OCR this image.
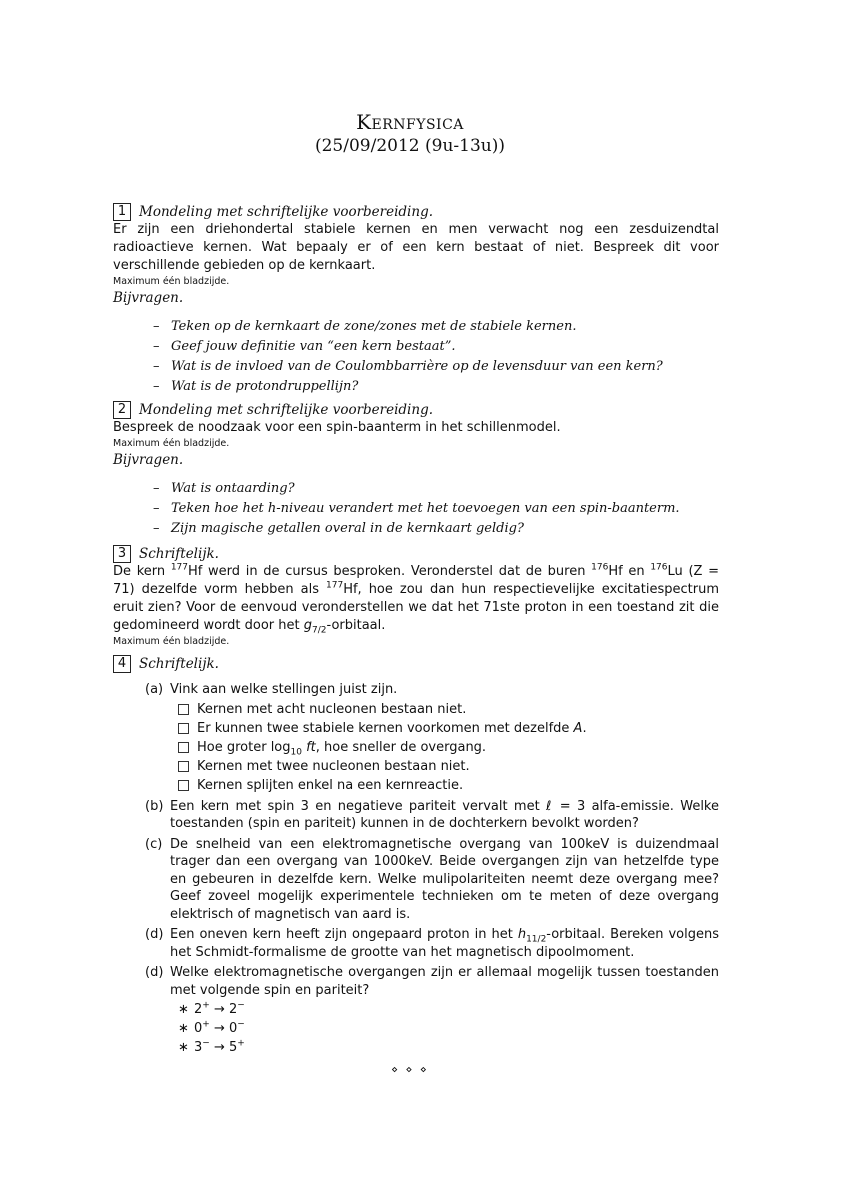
Kernfysica
(25/09/2012 (9u-13u))
1 Mondeling met schriftelijke voorbereiding.
Er zijn een driehondertal stabiele kernen en men verwacht nog een zesduizendtal radioactieve kernen. Wat bepaaly er of een kern bestaat of niet. Bespreek dit voor verschillende gebieden op de kernkaart.
Maximum één bladzijde.
Bijvragen.
– Teken op de kernkaart de zone/zones met de stabiele kernen.
– Geef jouw definitie van “een kern bestaat”.
– Wat is de invloed van de Coulombbarrière op de levensduur van een kern?
– Wat is de protondruppellijn?
2 Mondeling met schriftelijke voorbereiding.
Bespreek de noodzaak voor een spin-baanterm in het schillenmodel.
Maximum één bladzijde.
Bijvragen.
– Wat is ontaarding?
– Teken hoe het h-niveau verandert met het toevoegen van een spin-baanterm.
– Zijn magische getallen overal in de kernkaart geldig?
3 Schriftelijk.
De kern $^{177}$Hf werd in de cursus besproken. Veronderstel dat de buren $^{176}$Hf en $^{176}$Lu (Z = 71) dezelfde vorm hebben als $^{177}$Hf, hoe zou dan hun respectievelijke excitatiespectrum eruit zien? Voor de eenvoud veronderstellen we dat het 71ste proton in een toestand zit die gedomineerd wordt door het $g_{7/2}$-orbitaal.
Maximum één bladzijde.
4 Schriftelijk.
(a) Vink aan welke stellingen juist zijn.
Kernen met acht nucleonen bestaan niet.
Er kunnen twee stabiele kernen voorkomen met dezelfde A.
Hoe groter $\log_{10}$ ft, hoe sneller de overgang.
Kernen met twee nucleonen bestaan niet.
Kernen splijten enkel na een kernreactie.
(b) Een kern met spin 3 en negatieve pariteit vervalt met ℓ = 3 alfa-emissie. Welke toestanden (spin en pariteit) kunnen in de dochterkern bevolkt worden?
(c) De snelheid van een elektromagnetische overgang van 100keV is duizendmaal trager dan een overgang van 1000keV. Beide overgangen zijn van hetzelfde type en gebeuren in dezelfde kern. Welke mulipolariteiten neemt deze overgang mee? Geef zoveel mogelijk experimentele technieken om te meten of deze overgang elektrisch of magnetisch van aard is.
(d) Een oneven kern heeft zijn ongepaard proton in het $h_{11/2}$-orbitaal. Bereken volgens het Schmidt-formalisme de grootte van het magnetisch dipoolmoment.
(d) Welke elektromagnetische overgangen zijn er allemaal mogelijk tussen toestanden met volgende spin en pariteit?
∗ 2+ → 2−
∗ 0+ → 0−
∗ 3− → 5+
⋄ ⋄ ⋄
